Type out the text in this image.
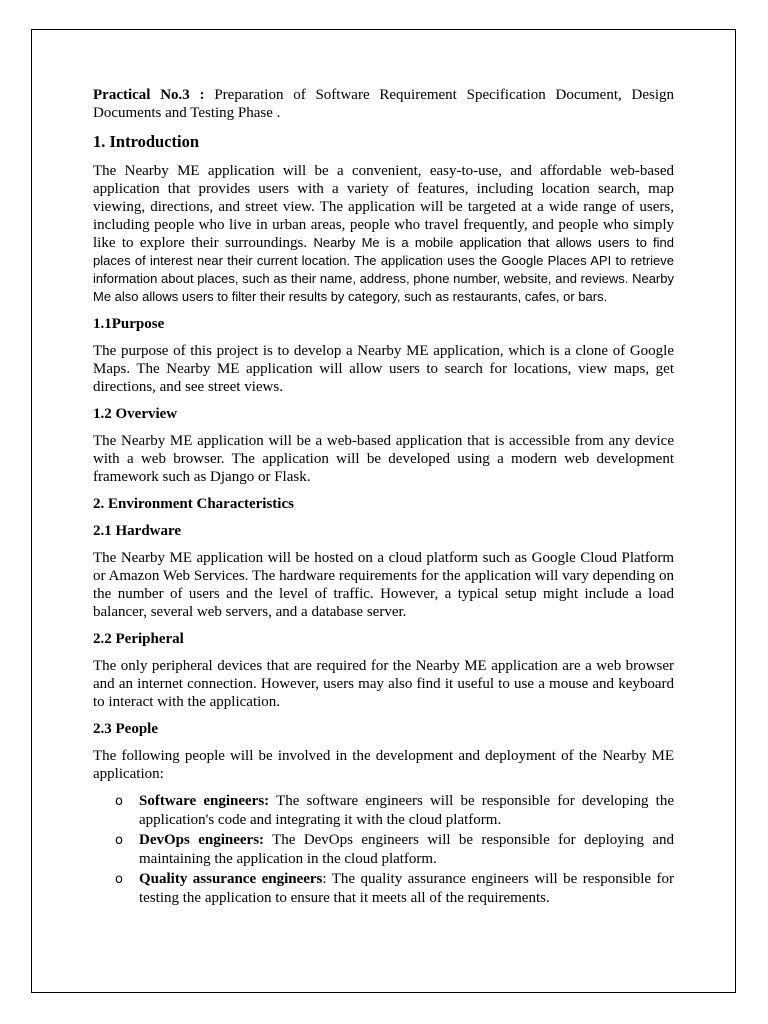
Practical No.3 : Preparation of Software Requirement Specification Document, Design Documents and Testing Phase .

1. Introduction

The Nearby ME application will be a convenient, easy-to-use, and affordable web-based application that provides users with a variety of features, including location search, map viewing, directions, and street view. The application will be targeted at a wide range of users, including people who live in urban areas, people who travel frequently, and people who simply like to explore their surroundings. Nearby Me is a mobile application that allows users to find places of interest near their current location. The application uses the Google Places API to retrieve information about places, such as their name, address, phone number, website, and reviews. Nearby Me also allows users to filter their results by category, such as restaurants, cafes, or bars.

1.1Purpose

The purpose of this project is to develop a Nearby ME application, which is a clone of Google Maps. The Nearby ME application will allow users to search for locations, view maps, get directions, and see street views.

1.2 Overview

The Nearby ME application will be a web-based application that is accessible from any device with a web browser. The application will be developed using a modern web development framework such as Django or Flask.

2. Environment Characteristics
2.1 Hardware

The Nearby ME application will be hosted on a cloud platform such as Google Cloud Platform or Amazon Web Services. The hardware requirements for the application will vary depending on the number of users and the level of traffic. However, a typical setup might include a load balancer, several web servers, and a database server.

2.2 Peripheral

The only peripheral devices that are required for the Nearby ME application are a web browser and an internet connection. However, users may also find it useful to use a mouse and keyboard to interact with the application.

2.3 People

The following people will be involved in the development and deployment of the Nearby ME application:

o Software engineers: The software engineers will be responsible for developing the application's code and integrating it with the cloud platform.
o DevOps engineers: The DevOps engineers will be responsible for deploying and maintaining the application in the cloud platform.
o Quality assurance engineers: The quality assurance engineers will be responsible for testing the application to ensure that it meets all of the requirements.
